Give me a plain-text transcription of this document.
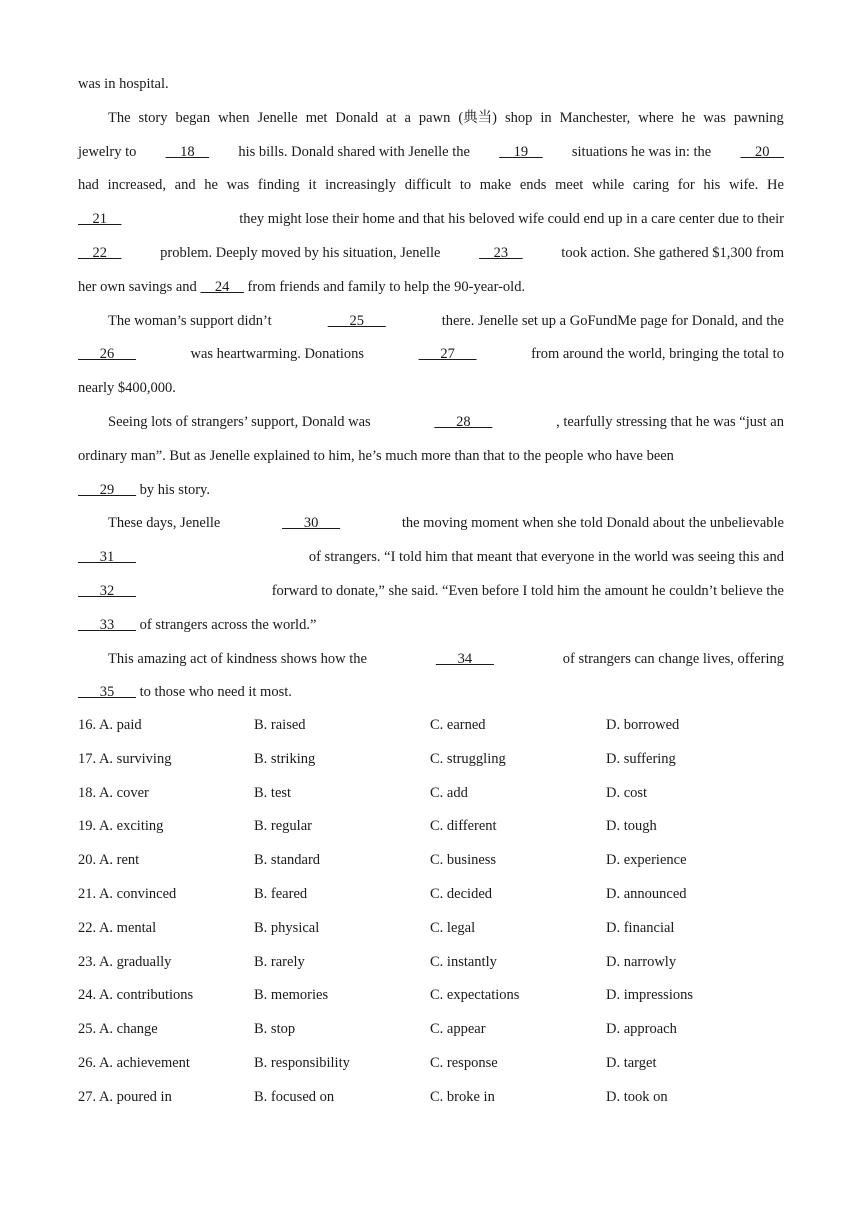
was in hospital.
The story began when Jenelle met Donald at a pawn (典当) shop in Manchester, where he was pawning
jewelry to 18 his bills. Donald shared with Jenelle the 19 situations he was in: the 20
had increased, and he was finding it increasingly difficult to make ends meet while caring for his wife. He
21	they might lose their home and that his beloved wife could end up in a care center due to their
22	problem. Deeply moved by his situation, Jenelle	23	took action. She gathered $1,300 from
her own savings and     24     from friends and family to help the 90-year-old.
The woman’s support didn’t	25	there. Jenelle set up a GoFundMe page for Donald, and the
26	was heartwarming. Donations	27	from around the world, bringing the total to
nearly $400,000.
Seeing lots of strangers’ support, Donald was	28	, tearfully stressing that he was “just an
ordinary man”. But as Jenelle explained to him, he’s much more than that to the people who have been
29       by his story.
These days, Jenelle	30	the moving moment when she told Donald about the unbelievable
31	of strangers. “I told him that meant that everyone in the world was seeing this and
32	forward to donate,” she said. “Even before I told him the amount he couldn’t believe the
33       of strangers across the world.”
This amazing act of kindness shows how the	34	of strangers can change lives, offering
35       to those who need it most.
16. A. paid	B. raised	C. earned	D. borrowed
17. A. surviving	B. striking	C. struggling	D. suffering
18. A. cover	B. test	C. add	D. cost
19. A. exciting	B. regular	C. different	D. tough
20. A. rent	B. standard	C. business	D. experience
21. A. convinced	B. feared	C. decided	D. announced
22. A. mental	B. physical	C. legal	D. financial
23. A. gradually	B. rarely	C. instantly	D. narrowly
24. A. contributions	B. memories	C. expectations	D. impressions
25. A. change	B. stop	C. appear	D. approach
26. A. achievement	B. responsibility	C. response	D. target
27. A. poured in	B. focused on	C. broke in	D. took on
